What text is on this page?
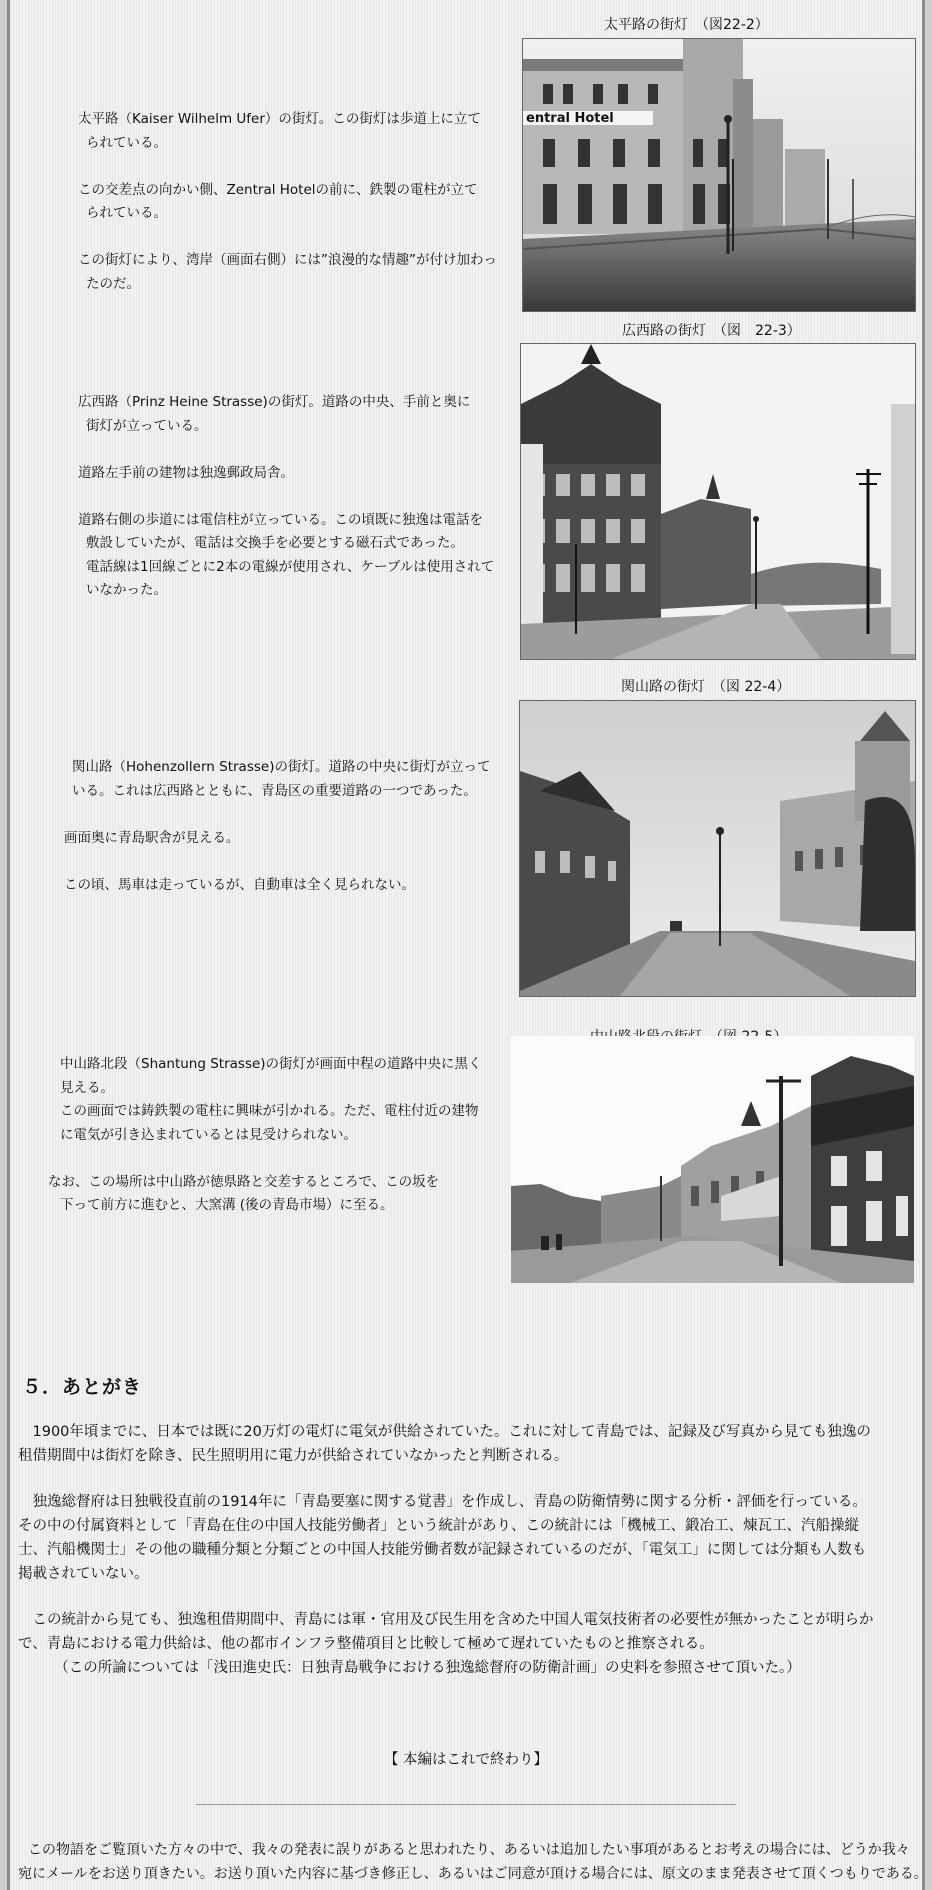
太平路の街灯　（図22-2）
entral Hotel

太平路（Kaiser Wilhelm Ufer）の街灯。この街灯は歩道上に立て
られている。

この交差点の向かい側、Zentral Hotelの前に、鉄製の電柱が立て
られている。

この街灯により、湾岸（画面右側）には”浪漫的な情趣”が付け加わっ
たのだ。

広西路の街灯　（図　22-3）

広西路（Prinz Heine Strasse)の街灯。道路の中央、手前と奥に
街灯が立っている。

道路左手前の建物は独逸郵政局舎。

道路右側の歩道には電信柱が立っている。この頃既に独逸は電話を
敷設していたが、電話は交換手を必要とする磁石式であった。
電話線は1回線ごとに2本の電線が使用され、ケーブルは使用されて
いなかった。

関山路の街灯　（図 22-4）

関山路（Hohenzollern Strasse)の街灯。道路の中央に街灯が立って
いる。これは広西路とともに、青島区の重要道路の一つであった。

画面奥に青島駅舎が見える。

この頃、馬車は走っているが、自動車は全く見られない。

中山路北段（Shantung Strasse)の街灯が画面中程の道路中央に黒く
見える。
この画面では鋳鉄製の電柱に興味が引かれる。ただ、電柱付近の建物
に電気が引き込まれているとは見受けられない。

なお、この場所は中山路が徳県路と交差するところで、この坂を
下って前方に進むと、大窯溝 (後の青島市場）に至る。

５．あとがき

　1900年頃までに、日本では既に20万灯の電灯に電気が供給されていた。これに対して青島では、記録及び写真から見ても独逸の
租借期間中は街灯を除き、民生照明用に電力が供給されていなかったと判断される。

　独逸総督府は日独戦役直前の1914年に「青島要塞に関する覚書」を作成し、青島の防衛情勢に関する分析・評価を行っている。
その中の付属資料として「青島在住の中国人技能労働者」という統計があり、この統計には「機械工、鍛冶工、煉瓦工、汽船操縦
士、汽船機関士」その他の職種分類と分類ごとの中国人技能労働者数が記録されているのだが、「電気工」に関しては分類も人数も
掲載されていない。

　この統計から見ても、独逸租借期間中、青島には軍・官用及び民生用を含めた中国人電気技術者の必要性が無かったことが明らか
で、青島における電力供給は、他の都市インフラ整備項目と比較して極めて遅れていたものと推察される。
　　　（この所論については「浅田進史氏：日独青島戦争における独逸総督府の防衛計画」の史料を参照させて頂いた。）

【 本編はこれで終わり】
この物語をご覧頂いた方々の中で、我々の発表に誤りがあると思われたり、あるいは追加したい事項があるとお考えの場合には、どうか我々
宛にメールをお送り頂きたい。お送り頂いた内容に基づき修正し、あるいはご同意が頂ける場合には、原文のまま発表させて頂くつもりである。
